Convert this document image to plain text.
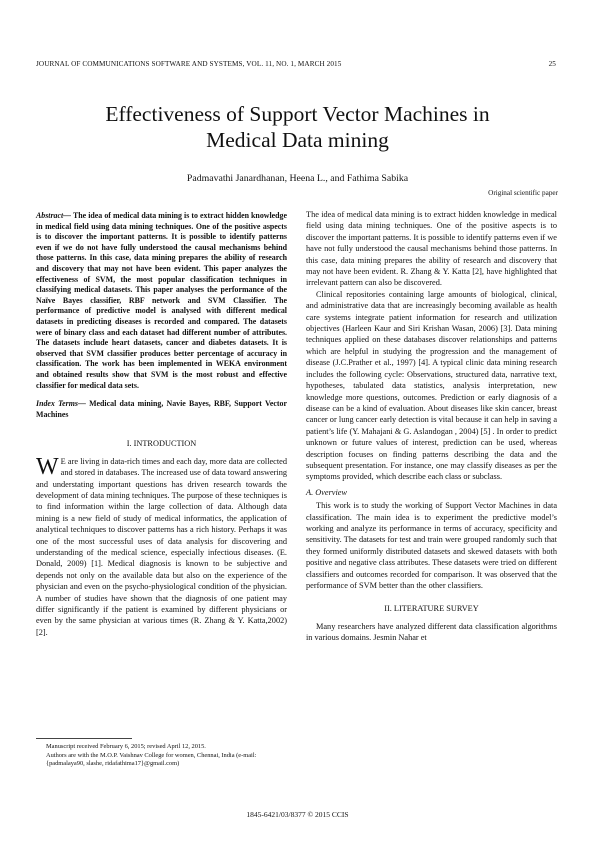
JOURNAL OF COMMUNICATIONS SOFTWARE AND SYSTEMS, VOL. 11, NO. 1, MARCH 2015	25
Effectiveness of Support Vector Machines in
Medical Data mining
Padmavathi Janardhanan, Heena L., and Fathima Sabika
Original scientific paper

Abstract— The idea of medical data mining is to extract hidden knowledge in medical field using data mining techniques. One of the positive aspects is to discover the important patterns. It is possible to identify patterns even if we do not have fully understood the causal mechanisms behind those patterns. In this case, data mining prepares the ability of research and discovery that may not have been evident. This paper analyzes the effectiveness of SVM, the most popular classification techniques in classifying medical datasets. This paper analyses the performance of the Naïve Bayes classifier, RBF network and SVM Classifier. The performance of predictive model is analysed with different medical datasets in predicting diseases is recorded and compared. The datasets were of binary class and each dataset had different number of attributes. The datasets include heart datasets, cancer and diabetes datasets. It is observed that SVM classifier produces better percentage of accuracy in classification. The work has been implemented in WEKA environment and obtained results show that SVM is the most robust and effective classifier for medical data sets.

Index Terms— Medical data mining, Navie Bayes, RBF, Support Vector Machines

I. INTRODUCTION

W E are living in data-rich times and each day, more data are collected and stored in databases. The increased use of data toward answering and understating important questions has driven research towards the development of data mining techniques. The purpose of these techniques is to find information within the large collection of data. Although data mining is a new field of study of medical informatics, the application of analytical techniques to discover patterns has a rich history. Perhaps it was one of the most successful uses of data analysis for discovering and understanding of the medical science, especially infectious diseases. (E. Donald, 2009) [1]. Medical diagnosis is known to be subjective and depends not only on the available data but also on the experience of the physician and even on the psycho-physiological condition of the physician. A number of studies have shown that the diagnosis of one patient may differ significantly if the patient is examined by different physicians or even by the same physician at various times (R. Zhang & Y. Katta,2002) [2].

Manuscript received February 6, 2015; revised April 12, 2015.

Authors are with the M.O.P. Vaishnav College for women, Chennai, India (e-mail: {padmalaya90, slashe, ridafathima17}@gmail.com)

The idea of medical data mining is to extract hidden knowledge in medical field using data mining techniques. One of the positive aspects is to discover the important patterns. It is possible to identify patterns even if we have not fully understood the causal mechanisms behind those patterns. In this case, data mining prepares the ability of research and discovery that may not have been evident. R. Zhang & Y. Katta [2], have highlighted that irrelevant pattern can also be discovered.

Clinical repositories containing large amounts of biological, clinical, and administrative data that are increasingly becoming available as health care systems integrate patient information for research and utilization objectives (Harleen Kaur and Siri Krishan Wasan, 2006) [3]. Data mining techniques applied on these databases discover relationships and patterns which are helpful in studying the progression and the management of disease (J.C.Prather et al., 1997) [4]. A typical clinic data mining research includes the following cycle: Observations, structured data, narrative text, hypotheses, tabulated data statistics, analysis interpretation, new knowledge more questions, outcomes. Prediction or early diagnosis of a disease can be a kind of evaluation. About diseases like skin cancer, breast cancer or lung cancer early detection is vital because it can help in saving a patient’s life (Y. Mahajani & G. Aslandogan , 2004) [5] . In order to predict unknown or future values of interest, prediction can be used, whereas description focuses on finding patterns describing the data and the subsequent presentation. For instance, one may classify diseases as per the symptoms provided, which describe each class or subclass.

A. Overview

This work is to study the working of Support Vector Machines in data classification. The main idea is to experiment the predictive model’s working and analyze its performance in terms of accuracy, specificity and sensitivity. The datasets for test and train were grouped randomly such that they formed uniformly distributed datasets and skewed datasets with both positive and negative class attributes. These datasets were tried on different classifiers and outcomes recorded for comparison. It was observed that the performance of SVM better than the other classifiers.

II. LITERATURE SURVEY

Many researchers have analyzed different data classification algorithms in various domains. Jesmin Nahar et

1845-6421/03/8377 © 2015 CCIS
